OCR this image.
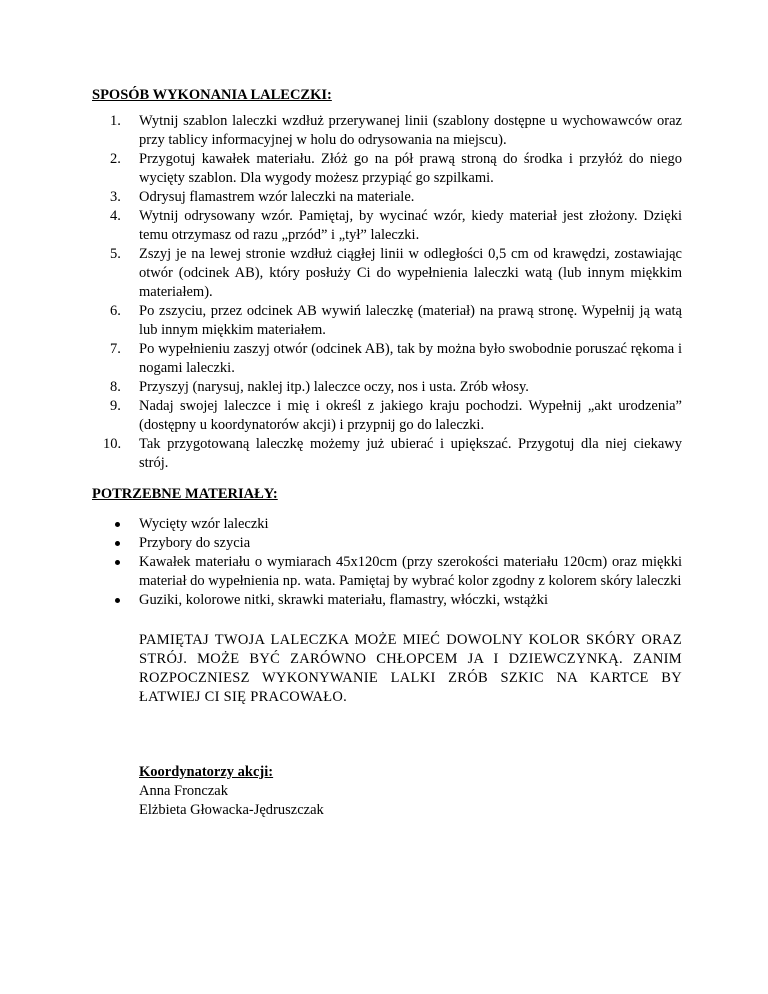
SPOSÓB WYKONANIA LALECZKI:

1. Wytnij szablon laleczki wzdłuż przerywanej linii (szablony dostępne u wychowawców oraz przy tablicy informacyjnej w holu do odrysowania na miejscu).
2. Przygotuj kawałek materiału. Złóż go na pół prawą stroną do środka i przyłóż do niego wycięty szablon. Dla wygody możesz przypiąć go szpilkami.
3. Odrysuj flamastrem wzór laleczki na materiale.
4. Wytnij odrysowany wzór. Pamiętaj, by wycinać wzór, kiedy materiał jest złożony. Dzięki temu otrzymasz od razu „przód” i „tył” laleczki.
5. Zszyj je na lewej stronie wzdłuż ciągłej linii w odległości 0,5 cm od krawędzi, zostawiając otwór (odcinek AB), który posłuży Ci do wypełnienia laleczki watą (lub innym miękkim materiałem).
6. Po zszyciu, przez odcinek AB wywiń laleczkę (materiał) na prawą stronę. Wypełnij ją watą lub innym miękkim materiałem.
7. Po wypełnieniu zaszyj otwór (odcinek AB), tak by można było swobodnie poruszać rękoma i nogami laleczki.
8. Przyszyj (narysuj, naklej itp.) laleczce oczy, nos i usta. Zrób włosy.
9. Nadaj swojej laleczce i mię i określ z jakiego kraju pochodzi. Wypełnij „akt urodzenia” (dostępny u koordynatorów akcji) i przypnij go do laleczki.
10. Tak przygotowaną laleczkę możemy już ubierać i upiększać. Przygotuj dla niej ciekawy strój.

POTRZEBNE MATERIAŁY:

Wycięty wzór laleczki
Przybory do szycia
Kawałek materiału o wymiarach 45x120cm (przy szerokości materiału 120cm) oraz miękki materiał do wypełnienia np. wata. Pamiętaj by wybrać kolor zgodny z kolorem skóry laleczki
Guziki, kolorowe nitki, skrawki materiału, flamastry, włóczki, wstążki

PAMIĘTAJ TWOJA LALECZKA MOŻE MIEĆ DOWOLNY KOLOR SKÓRY ORAZ STRÓJ. MOŻE BYĆ ZARÓWNO CHŁOPCEM JA I DZIEWCZYNKĄ. ZANIM ROZPOCZNIESZ WYKONYWANIE LALKI ZRÓB SZKIC NA KARTCE BY ŁATWIEJ CI SIĘ PRACOWAŁO.

Koordynatorzy akcji:
Anna Fronczak
Elżbieta Głowacka-Jędruszczak
